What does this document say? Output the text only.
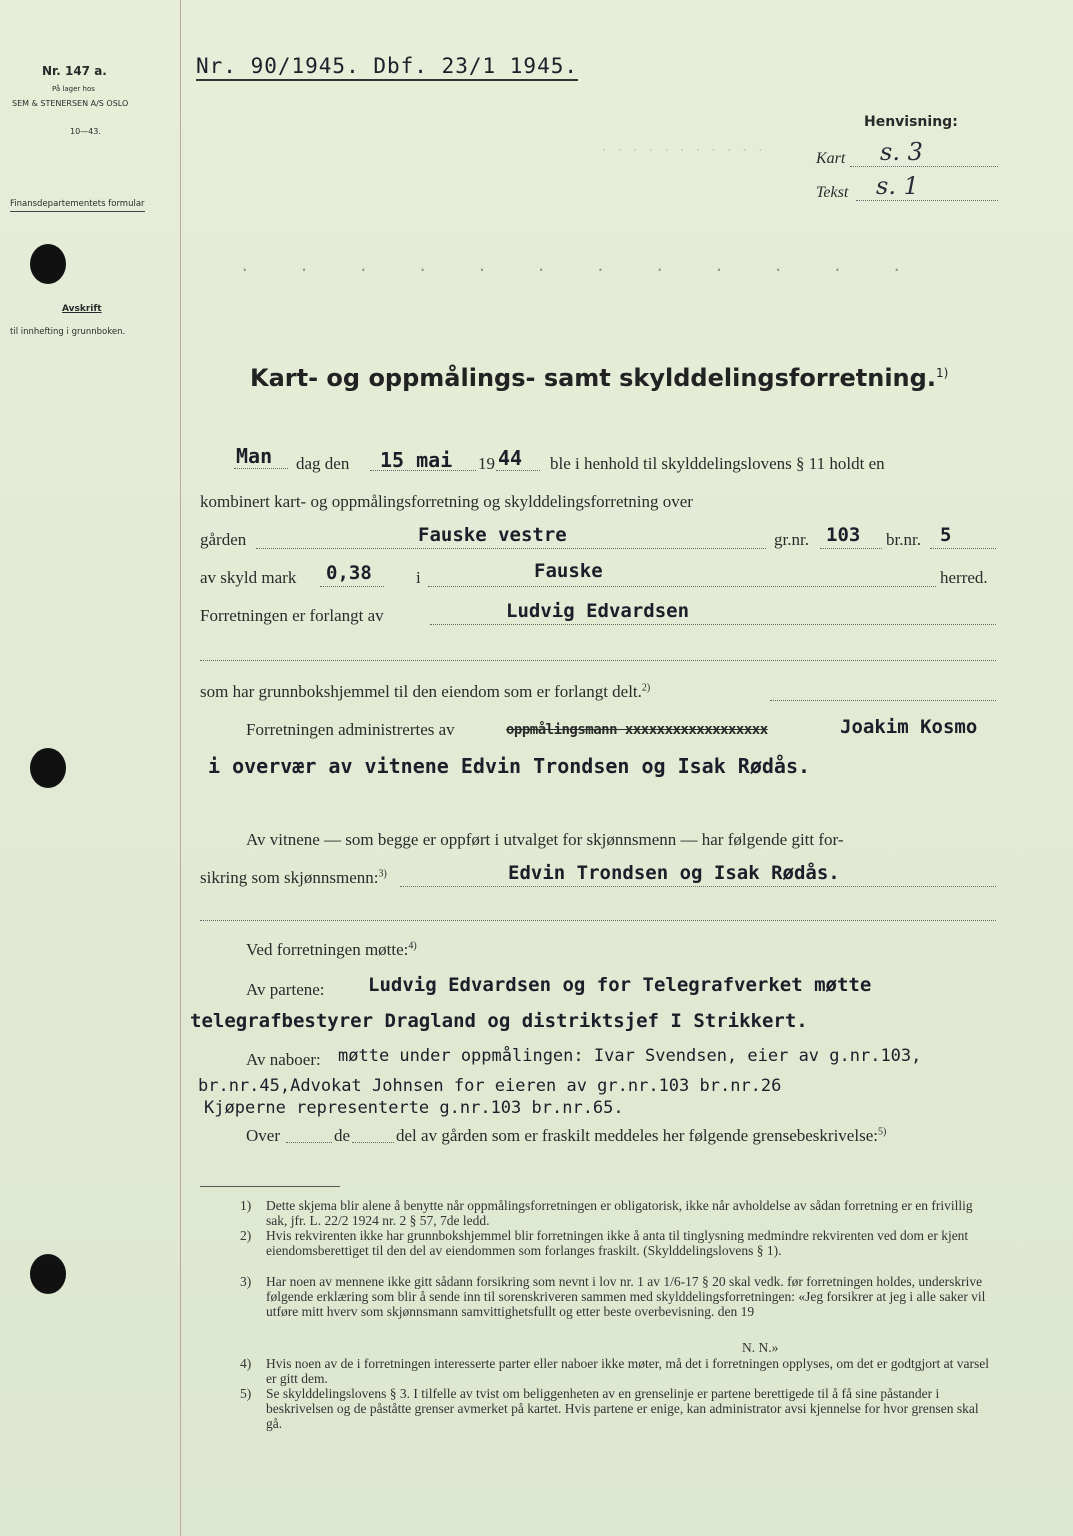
Nr. 147 a.
På lager hos
SEM & STENERSEN A/S OSLO
10—43.
Finansdepartementets formular
Avskrift
til innhefting i grunnboken.
Nr. 90/1945. Dbf. 23/1 1945.
Henvisning:
Kart s. 3
Tekst s. 1
. . . . . . . . . . .
. . . . . . . . . . . .
Kart- og oppmålings- samt skylddelingsforretning.$^{1)}$
Man dag den 15 mai 19 44 ble i henhold til skylddelingslovens § 11 holdt en
kombinert kart- og oppmålingsforretning og skylddelingsforretning over
gården	Fauske vestre	gr.nr. 103 br.nr. 5
av skyld mark 0,38	i	Fauske	herred.
Forretningen er forlangt av	Ludvig Edvardsen
som har grunnbokshjemmel til den eiendom som er forlangt delt.$^{2)}$
Forretningen administrertes av	oppmålingsmann xxxxxxxxxxxxxxxxxx	Joakim Kosmo
i overvær av vitnene Edvin Trondsen og Isak Rødås.
Av vitnene — som begge er oppført i utvalget for skjønnsmenn — har følgende gitt for-
sikring som skjønnsmenn:$^{3)}$	Edvin Trondsen og Isak Rødås.
Ved forretningen møtte:$^{4)}$
Av partene: Ludvig Edvardsen og for Telegrafverket møtte
telegrafbestyrer Dragland og distriktsjef I Strikkert.
Av naboer: møtte under oppmålingen: Ivar Svendsen, eier av g.nr.103,
br.nr.45,Advokat Johnsen for eieren av gr.nr.103 br.nr.26
Kjøperne representerte g.nr.103 br.nr.65.
Over	de	del av gården som er fraskilt meddeles her følgende grensebeskrivelse:$^{5)}$
1) Dette skjema blir alene å benytte når oppmålingsforretningen er obligatorisk, ikke når avholdelse av sådan forretning er en frivillig sak, jfr. L. 22/2 1924 nr. 2 § 57, 7de ledd.
2) Hvis rekvirenten ikke har grunnbokshjemmel blir forretningen ikke å anta til tinglysning medmindre rekvirenten ved dom er kjent eiendomsberettiget til den del av eiendommen som forlanges fraskilt. (Skylddelingslovens § 1).
3) Har noen av mennene ikke gitt sådann forsikring som nevnt i lov nr. 1 av 1/6-17 § 20 skal vedk. før forretningen holdes, underskrive følgende erklæring som blir å sende inn til sorenskriveren sammen med skylddelingsforretningen: «Jeg forsikrer at jeg i alle saker vil utføre mitt hverv som skjønnsmann samvittighetsfullt og etter beste overbevisning. den 19
N. N.»
4) Hvis noen av de i forretningen interesserte parter eller naboer ikke møter, må det i forretningen opplyses, om det er godtgjort at varsel er gitt dem.
5) Se skylddelingslovens § 3. I tilfelle av tvist om beliggenheten av en grenselinje er partene berettigede til å få sine påstander i beskrivelsen og de påståtte grenser avmerket på kartet. Hvis partene er enige, kan administrator avsi kjennelse for hvor grensen skal gå.
